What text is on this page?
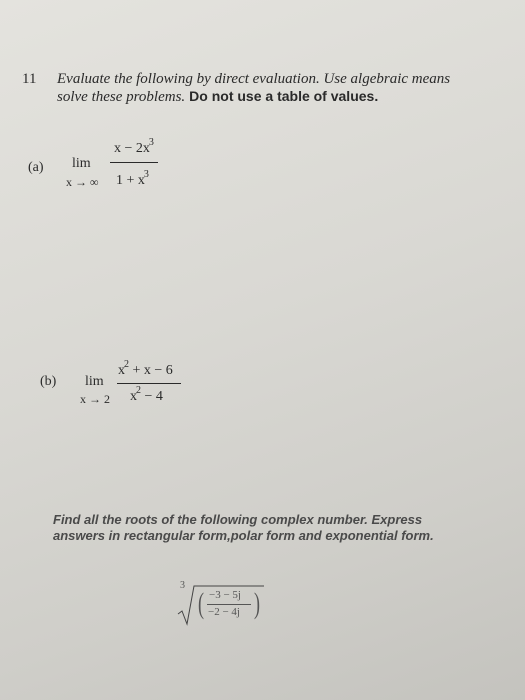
11 Evaluate the following by direct evaluation. Use algebraic means
solve these problems. Do not use a table of values.
(a) lim
x → ∞
$x - 2x^3$
$1 + x^3$
(b) lim
x → 2
$x^2 + x - 6$
$x^2 - 4$
Find all the roots of the following complex number. Express
answers in rectangular form,polar form and exponential form.
3
( −3 − 5j
−2 − 4j )
